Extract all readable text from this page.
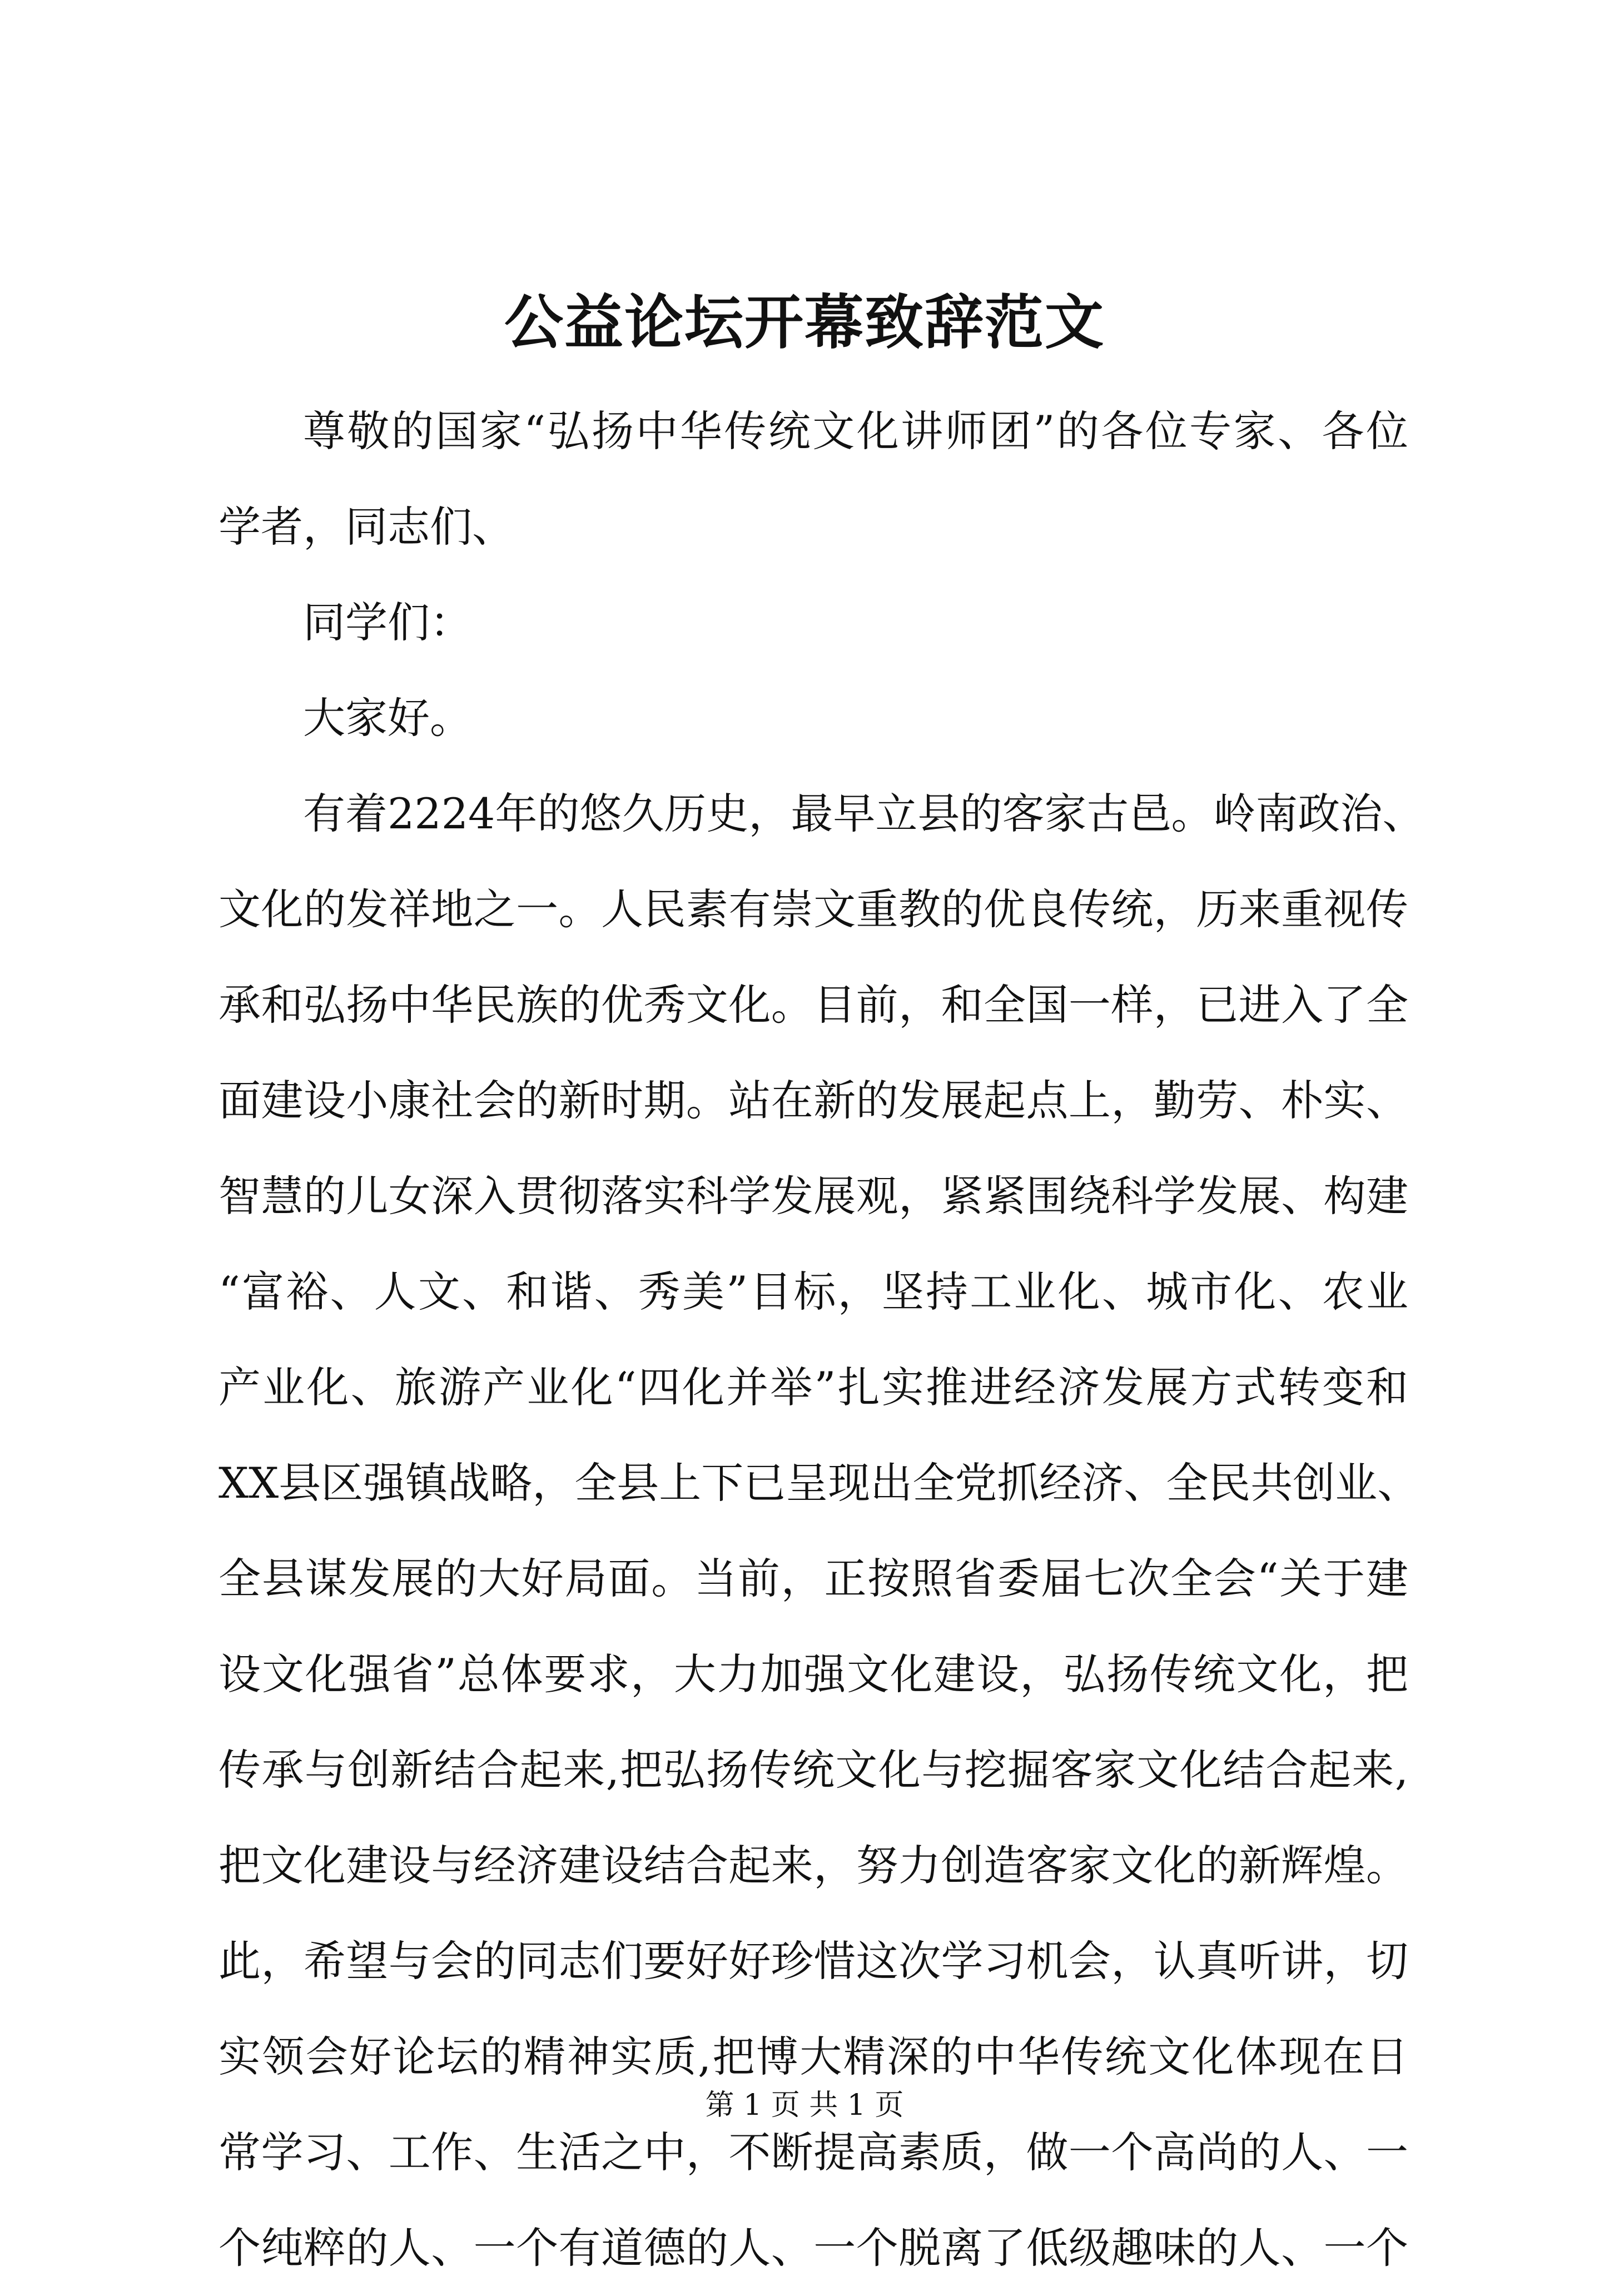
公益论坛开幕致辞范文
尊敬的国家“弘扬中华传统文化讲师团”的各位专家、各位
学者，同志们、
同学们：
大家好。
有着2224年的悠久历史，最早立县的客家古邑。岭南政治、
文化的发祥地之一。人民素有崇文重教的优良传统，历来重视传
承和弘扬中华民族的优秀文化。目前，和全国一样，已进入了全
面建设小康社会的新时期。站在新的发展起点上，勤劳、朴实、
智慧的儿女深入贯彻落实科学发展观，紧紧围绕科学发展、构建
“富裕、人文、和谐、秀美”目标，坚持工业化、城市化、农业
产业化、旅游产业化“四化并举”扎实推进经济发展方式转变和
XX县区强镇战略，全县上下已呈现出全党抓经济、全民共创业、
全县谋发展的大好局面。当前，正按照省委届七次全会“关于建
设文化强省”总体要求，大力加强文化建设，弘扬传统文化，把
传承与创新结合起来,把弘扬传统文化与挖掘客家文化结合起来,
把文化建设与经济建设结合起来，努力创造客家文化的新辉煌。
此，希望与会的同志们要好好珍惜这次学习机会，认真听讲，切
实领会好论坛的精神实质,把博大精深的中华传统文化体现在日
常学习、工作、生活之中，不断提高素质，做一个高尚的人、一
个纯粹的人、一个有道德的人、一个脱离了低级趣味的人、一个
第 1 页 共 1 页
